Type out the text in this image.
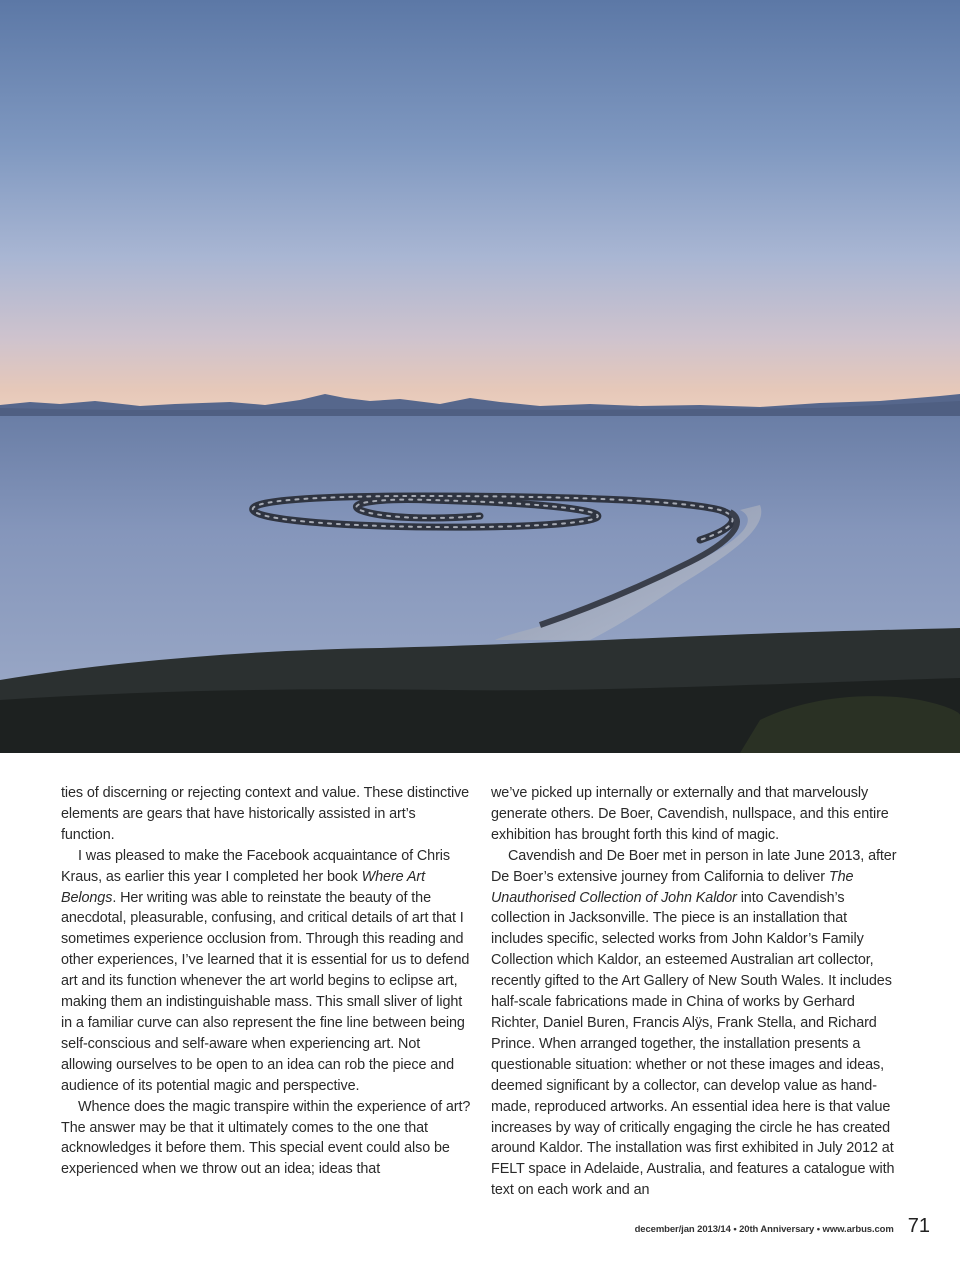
ties of discerning or rejecting context and value. These distinctive elements are gears that have historically assisted in art’s function.

I was pleased to make the Facebook acquaintance of Chris Kraus, as earlier this year I completed her book Where Art Belongs. Her writing was able to reinstate the beauty of the anecdotal, pleasurable, confusing, and critical details of art that I sometimes experience occlusion from. Through this reading and other experiences, I’ve learned that it is essential for us to defend art and its function whenever the art world begins to eclipse art, making them an indistinguishable mass. This small sliver of light in a familiar curve can also represent the fine line between being self-conscious and self-aware when experiencing art. Not allowing ourselves to be open to an idea can rob the piece and audience of its potential magic and perspective.

Whence does the magic transpire within the experience of art? The answer may be that it ultimately comes to the one that acknowledges it before them. This special event could also be experienced when we throw out an idea; ideas that

we’ve picked up internally or externally and that marvelously generate others. De Boer, Cavendish, nullspace, and this entire exhibition has brought forth this kind of magic.

Cavendish and De Boer met in person in late June 2013, after De Boer’s extensive journey from California to deliver The Unauthorised Collection of John Kaldor into Cavendish’s collection in Jacksonville. The piece is an installation that includes specific, selected works from John Kaldor’s Family Collection which Kaldor, an esteemed Australian art collector, recently gifted to the Art Gallery of New South Wales. It includes half-scale fabrications made in China of works by Gerhard Richter, Daniel Buren, Francis Alÿs, Frank Stella, and Richard Prince. When arranged together, the installation presents a questionable situation: whether or not these images and ideas, deemed significant by a collector, can develop value as hand-made, reproduced artworks. An essential idea here is that value increases by way of critically engaging the circle he has created around Kaldor. The installation was first exhibited in July 2012 at FELT space in Adelaide, Australia, and features a catalogue with text on each work and an

december/jan 2013/14 • 20th Anniversary • www.arbus.com 71
